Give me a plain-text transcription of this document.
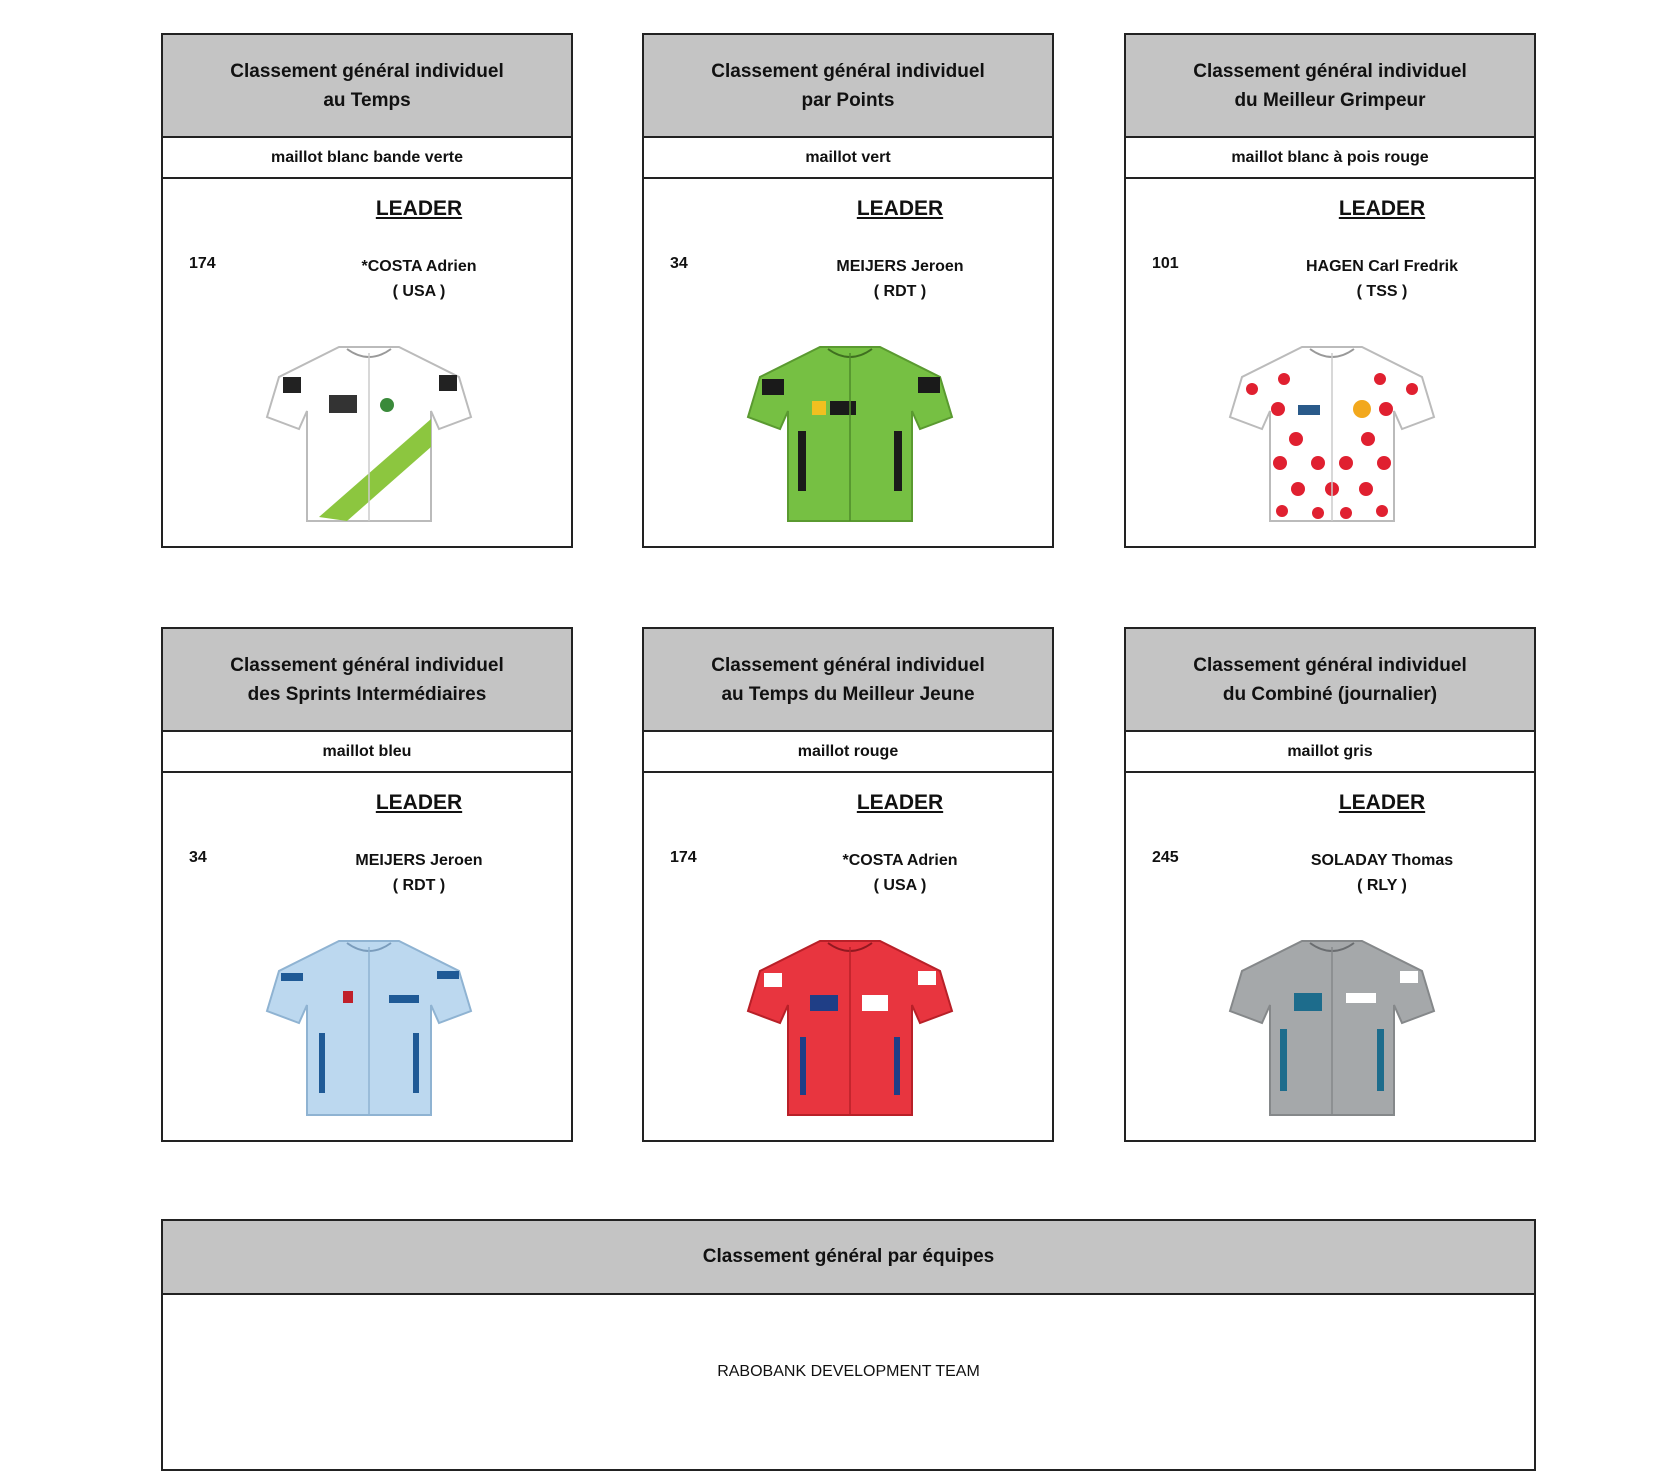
Classement général individuel
au Temps
maillot blanc bande verte
LEADER
174	*COSTA Adrien
( USA )
Classement général individuel
par Points
maillot vert
LEADER
34	MEIJERS Jeroen
( RDT )
Classement général individuel
du Meilleur Grimpeur
maillot blanc à pois rouge
LEADER
101	HAGEN Carl Fredrik
( TSS )
Classement général individuel
des Sprints Intermédiaires
maillot bleu
LEADER
34	MEIJERS Jeroen
( RDT )
Classement général individuel
au Temps du Meilleur Jeune
maillot rouge
LEADER
174	*COSTA Adrien
( USA )
Classement général individuel
du Combiné (journalier)
maillot gris
LEADER
245	SOLADAY Thomas
( RLY )
Classement général par équipes
RABOBANK DEVELOPMENT TEAM
